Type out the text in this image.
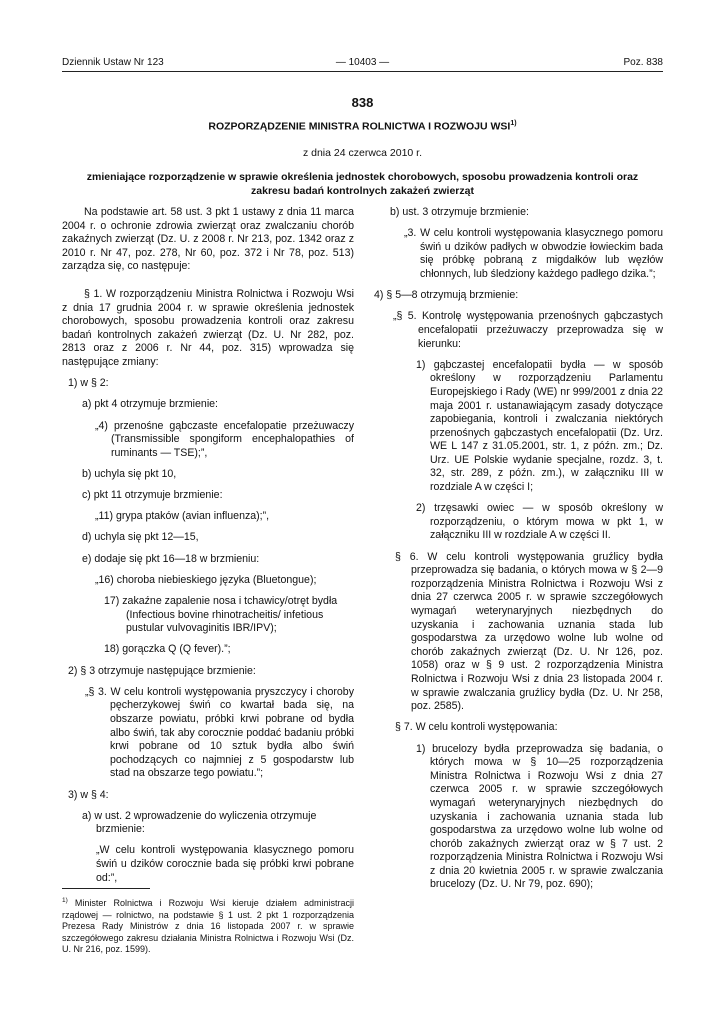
Dziennik Ustaw Nr 123	— 10403 —	Poz. 838
838
ROZPORZĄDZENIE MINISTRA ROLNICTWA I ROZWOJU WSI$^{1)}$
z dnia 24 czerwca 2010 r.
zmieniające rozporządzenie w sprawie określenia jednostek chorobowych, sposobu prowadzenia kontroli oraz zakresu badań kontrolnych zakażeń zwierząt

Na podstawie art. 58 ust. 3 pkt 1 ustawy z dnia 11 marca 2004 r. o ochronie zdrowia zwierząt oraz zwalczaniu chorób zakaźnych zwierząt (Dz. U. z 2008 r. Nr 213, poz. 1342 oraz z 2010 r. Nr 47, poz. 278, Nr 60, poz. 372 i Nr 78, poz. 513) zarządza się, co następuje:

§ 1. W rozporządzeniu Ministra Rolnictwa i Rozwoju Wsi z dnia 17 grudnia 2004 r. w sprawie określenia jednostek chorobowych, sposobu prowadzenia kontroli oraz zakresu badań kontrolnych zakażeń zwierząt (Dz. U. Nr 282, poz. 2813 oraz z 2006 r. Nr 44, poz. 315) wprowadza się następujące zmiany:

1) w § 2:

a) pkt 4 otrzymuje brzmienie:

„4) przenośne gąbczaste encefalopatie przeżuwaczy (Transmissible spongiform encephalopathies of ruminants — TSE);”,

b) uchyla się pkt 10,

c) pkt 11 otrzymuje brzmienie:

„11) grypa ptaków (avian influenza);”,

d) uchyla się pkt 12—15,

e) dodaje się pkt 16—18 w brzmieniu:

„16) choroba niebieskiego języka (Bluetongue);

17) zakaźne zapalenie nosa i tchawicy/otręt bydła (Infectious bovine rhinotracheitis/ infetious pustular vulvovaginitis IBR/IPV);

18) gorączka Q (Q fever).”;

2) § 3 otrzymuje następujące brzmienie:

„§ 3. W celu kontroli występowania pryszczycy i choroby pęcherzykowej świń co kwartał bada się, na obszarze powiatu, próbki krwi pobrane od bydła albo świń, tak aby corocznie poddać badaniu próbki krwi pobrane od 10 sztuk bydła albo świń pochodzących co najmniej z 5 gospodarstw lub stad na obszarze tego powiatu.”;

3) w § 4:

a) w ust. 2 wprowadzenie do wyliczenia otrzymuje brzmienie:

„W celu kontroli występowania klasycznego pomoru świń u dzików corocznie bada się próbki krwi pobrane od:”,

$^{1)}$ Minister Rolnictwa i Rozwoju Wsi kieruje działem administracji rządowej — rolnictwo, na podstawie § 1 ust. 2 pkt 1 rozporządzenia Prezesa Rady Ministrów z dnia 16 listopada 2007 r. w sprawie szczegółowego zakresu działania Ministra Rolnictwa i Rozwoju Wsi (Dz. U. Nr 216, poz. 1599).

b) ust. 3 otrzymuje brzmienie:

„3. W celu kontroli występowania klasycznego pomoru świń u dzików padłych w obwodzie łowieckim bada się próbkę pobraną z migdałków lub węzłów chłonnych, lub śledziony każdego padłego dzika.”;

4) § 5—8 otrzymują brzmienie:

„§ 5. Kontrolę występowania przenośnych gąbczastych encefalopatii przeżuwaczy przeprowadza się w kierunku:

1) gąbczastej encefalopatii bydła — w sposób określony w rozporządzeniu Parlamentu Europejskiego i Rady (WE) nr 999/2001 z dnia 22 maja 2001 r. ustanawiającym zasady dotyczące zapobiegania, kontroli i zwalczania niektórych przenośnych gąbczastych encefalopatii (Dz. Urz. WE L 147 z 31.05.2001, str. 1, z późn. zm.; Dz. Urz. UE Polskie wydanie specjalne, rozdz. 3, t. 32, str. 289, z późn. zm.), w załączniku III w rozdziale A w części I;

2) trzęsawki owiec — w sposób określony w rozporządzeniu, o którym mowa w pkt 1, w załączniku III w rozdziale A w części II.

§ 6. W celu kontroli występowania gruźlicy bydła przeprowadza się badania, o których mowa w § 2—9 rozporządzenia Ministra Rolnictwa i Rozwoju Wsi z dnia 27 czerwca 2005 r. w sprawie szczegółowych wymagań weterynaryjnych niezbędnych do uzyskania i zachowania uznania stada lub gospodarstwa za urzędowo wolne lub wolne od chorób zakaźnych zwierząt (Dz. U. Nr 126, poz. 1058) oraz w § 9 ust. 2 rozporządzenia Ministra Rolnictwa i Rozwoju Wsi z dnia 23 listopada 2004 r. w sprawie zwalczania gruźlicy bydła (Dz. U. Nr 258, poz. 2585).

§ 7. W celu kontroli występowania:

1) brucelozy bydła przeprowadza się badania, o których mowa w § 10—25 rozporządzenia Ministra Rolnictwa i Rozwoju Wsi z dnia 27 czerwca 2005 r. w sprawie szczegółowych wymagań weterynaryjnych niezbędnych do uzyskania i zachowania uznania stada lub gospodarstwa za urzędowo wolne lub wolne od chorób zakaźnych zwierząt oraz w § 7 ust. 2 rozporządzenia Ministra Rolnictwa i Rozwoju Wsi z dnia 20 kwietnia 2005 r. w sprawie zwalczania brucelozy (Dz. U. Nr 79, poz. 690);
